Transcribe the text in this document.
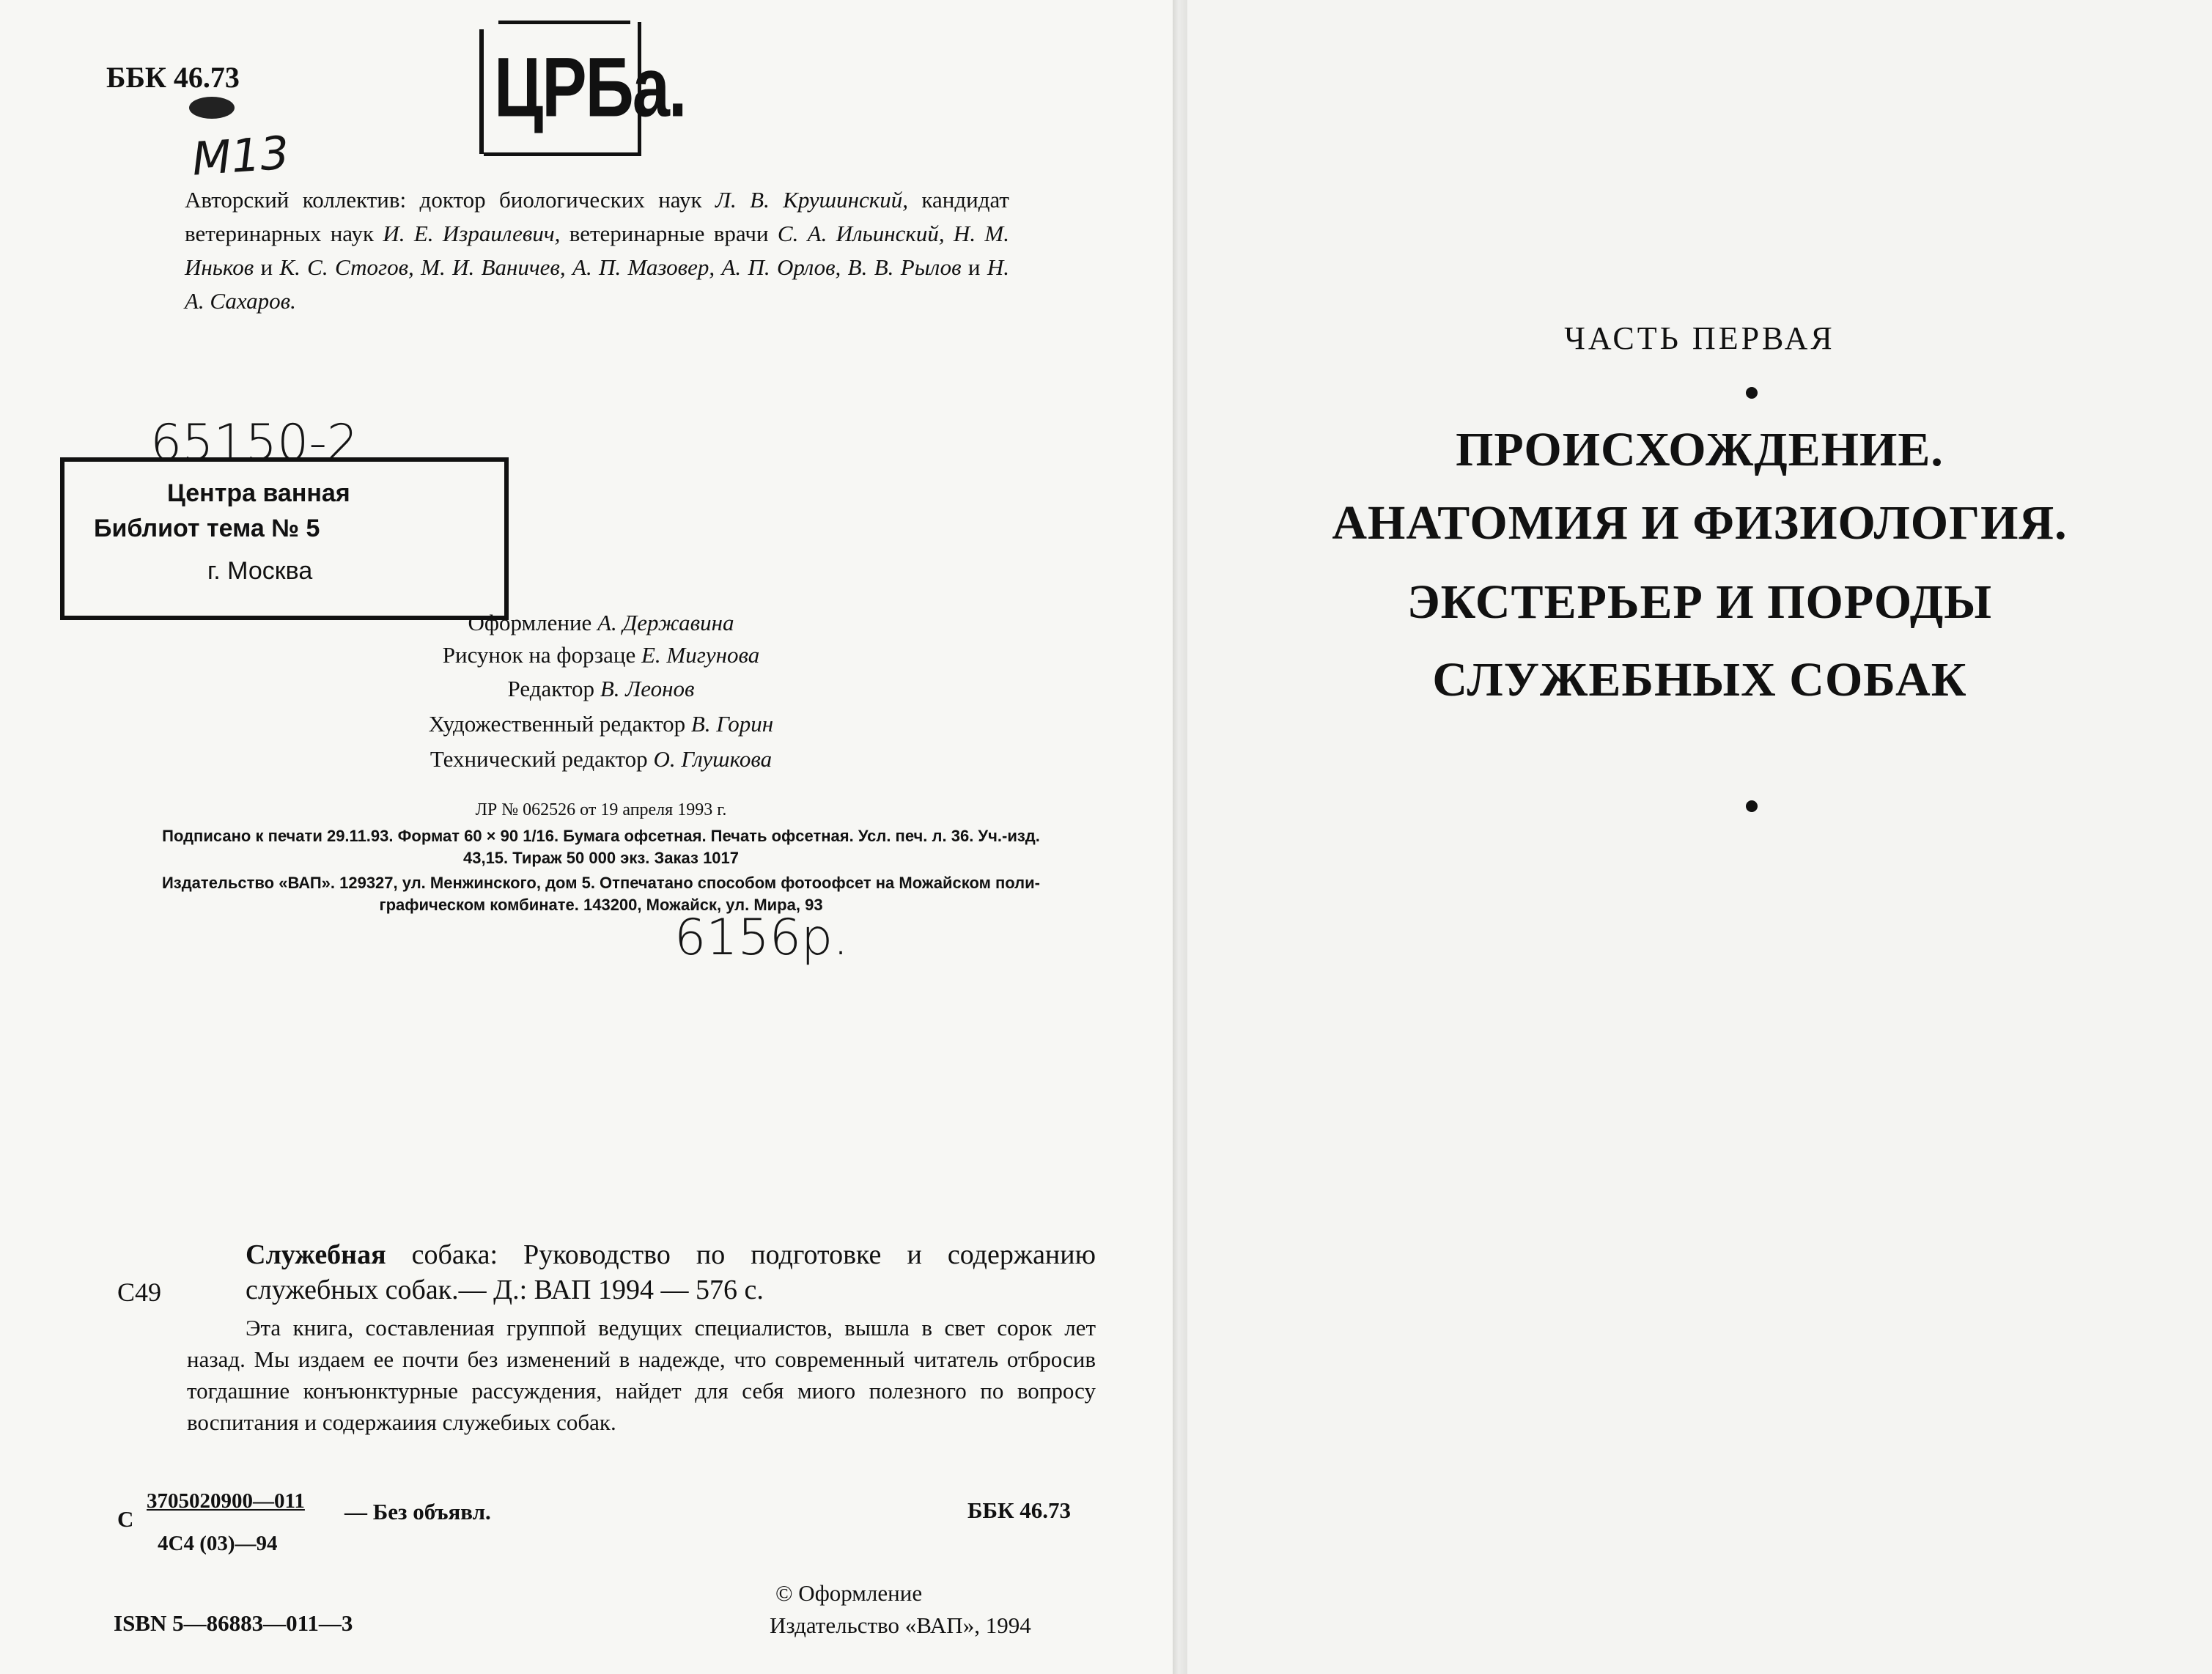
ББК 46.73
М13
ЦРБа.
Авторский коллектив: доктор биологических наук Л. В. Крушинский, кандидат ветеринарных наук И. Е. Израилевич, ветеринарные врачи С. А. Ильинский, Н. М. Иньков и К. С. Стогов, М. И. Ваничев, А. П. Мазовер, А. П. Орлов, В. В. Рылов и Н. А. Сахаров.
65150-2
Центра ванная
Библиот тема № 5
г. Москва
Оформление А. Державина
Рисунок на форзаце Е. Мигунова
Редактор В. Леонов
Художественный редактор В. Горин
Технический редактор О. Глушкова
ЛР № 062526 от 19 апреля 1993 г.
Подписано к печати 29.11.93. Формат 60 × 90 1/16. Бумага офсетная. Печать офсетная. Усл. печ. л. 36. Уч.-изд.
43,15. Тираж 50 000 экз. Заказ 1017
Издательство «ВАП». 129327, ул. Менжинского, дом 5. Отпечатано способом фотоофсет на Можайском поли-
графическом комбинате. 143200, Можайск, ул. Мира, 93
6156р.
С49
Служебная собака: Руководство по подготовке и содержанию служебных собак.— Д.: ВАП 1994 — 576 с.
Эта книга, составлениая группой ведущих специалистов, вышла в свет сорок лет назад. Мы издаем ее почти без изменений в надежде, что современный читатель отбросив тогдашние конъюнктурные рассуждения, найдет для себя миого полезного по вопросу воспитания и содержаиия служебиых собак.
С
3705020900—011 — Без объявл.
4С4 (03)—94
ББК 46.73
ISBN 5—86883—011—3
© Оформление
Издательство «ВАП», 1994
ЧАСТЬ ПЕРВАЯ
ПРОИСХОЖДЕНИЕ.
АНАТОМИЯ И ФИЗИОЛОГИЯ.
ЭКСТЕРЬЕР И ПОРОДЫ
СЛУЖЕБНЫХ СОБАК
